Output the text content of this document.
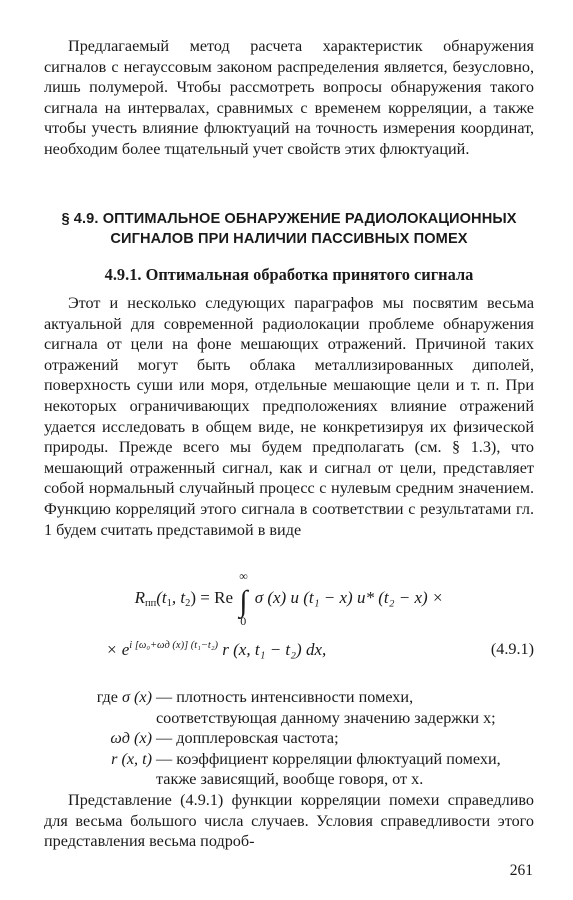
Предлагаемый метод расчета характеристик обнаружения сигналов с негауссовым законом распределения является, безусловно, лишь полумерой. Чтобы рассмотреть вопросы обнаружения такого сигнала на интервалах, сравнимых с временем корреляции, а также чтобы учесть влияние флюктуаций на точность измерения координат, необходим более тщательный учет свойств этих флюктуаций.

§ 4.9. ОПТИМАЛЬНОЕ ОБНАРУЖЕНИЕ РАДИОЛОКАЦИОННЫХ
СИГНАЛОВ ПРИ НАЛИЧИИ ПАССИВНЫХ ПОМЕХ
4.9.1. Оптимальная обработка принятого сигнала

Этот и несколько следующих параграфов мы посвятим весьма актуальной для современной радиолокации проблеме обнаружения сигнала от цели на фоне мешающих отражений. Причиной таких отражений могут быть облака металлизированных диполей, поверхность суши или моря, отдельные мешающие цели и т. п. При некоторых ограничивающих предположениях влияние отражений удается исследовать в общем виде, не конкретизируя их физической природы. Прежде всего мы будем предполагать (см. § 1.3), что мешающий отраженный сигнал, как и сигнал от цели, представляет собой нормальный случайный процесс с нулевым средним значением. Функцию корреляций этого сигнала в соответствии с результатами гл. 1 будем считать представимой в виде

$R_{пп}(t_1$, $t_2) = Re$ ∫
∞
0
σ (x) u (t₁ − x) u* (t₂ − x) ×
× $e^{i [\omega_0+\omega д (x)] (t_1-t_2)}$ r (x, t₁ − t₂) dx,	(4.9.1)
где σ (x) — плотность интенсивности помехи, соответствующая данному значению задержки x;
ωд (x) — допплеровская частота;
r (x, t) — коэффициент корреляции флюктуаций помехи, также зависящий, вообще говоря, от x.

Представление (4.9.1) функции корреляции помехи справедливо для весьма большого числа случаев. Условия справедливости этого представления весьма подроб-

261
